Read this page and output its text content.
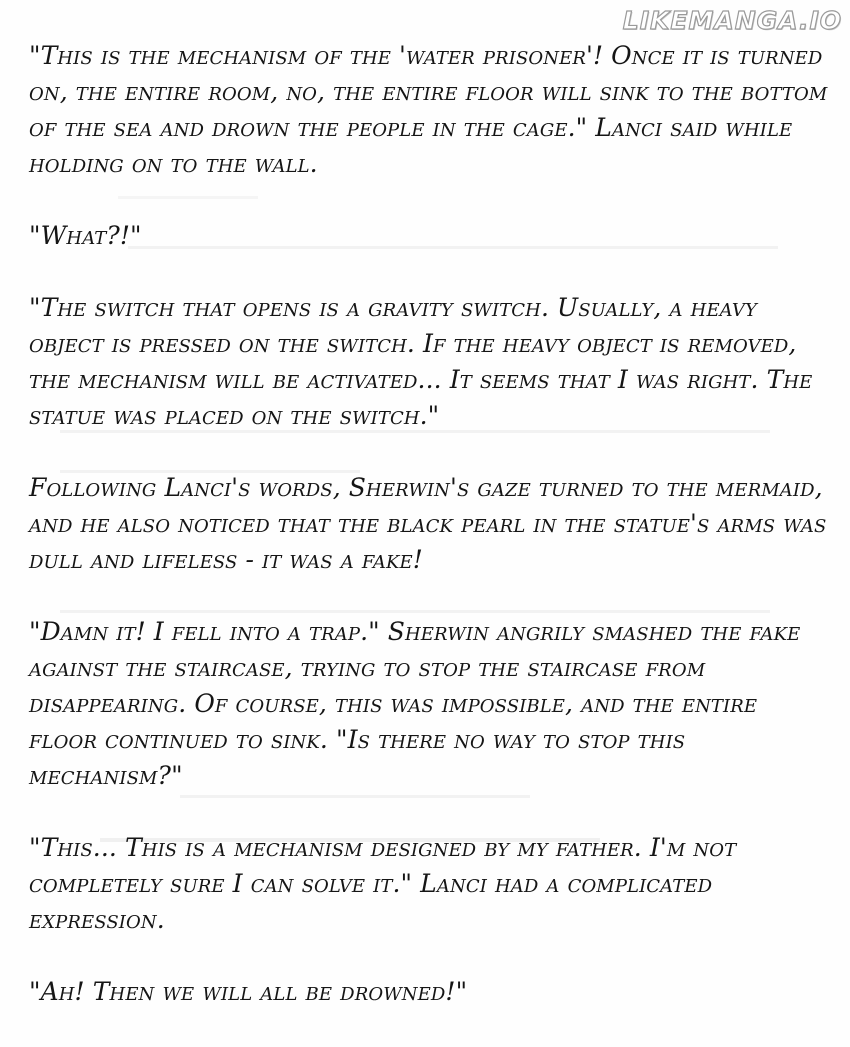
LIKEMANGA.IO

"This is the mechanism of the 'water prisoner'! Once it is turned on, the entire room, no, the entire floor will sink to the bottom of the sea and drown the people in the cage." Lanci said while holding on to the wall.

"What?!"

"The switch that opens is a gravity switch. Usually, a heavy object is pressed on the switch. If the heavy object is removed, the mechanism will be activated... It seems that I was right. The statue was placed on the switch."

Following Lanci's words, Sherwin's gaze turned to the mermaid, and he also noticed that the black pearl in the statue's arms was dull and lifeless - it was a fake!

"Damn it! I fell into a trap." Sherwin angrily smashed the fake against the staircase, trying to stop the staircase from disappearing. Of course, this was impossible, and the entire floor continued to sink. "Is there no way to stop this mechanism?"

"This... This is a mechanism designed by my father. I'm not completely sure I can solve it." Lanci had a complicated expression.

"Ah! Then we will all be drowned!"
